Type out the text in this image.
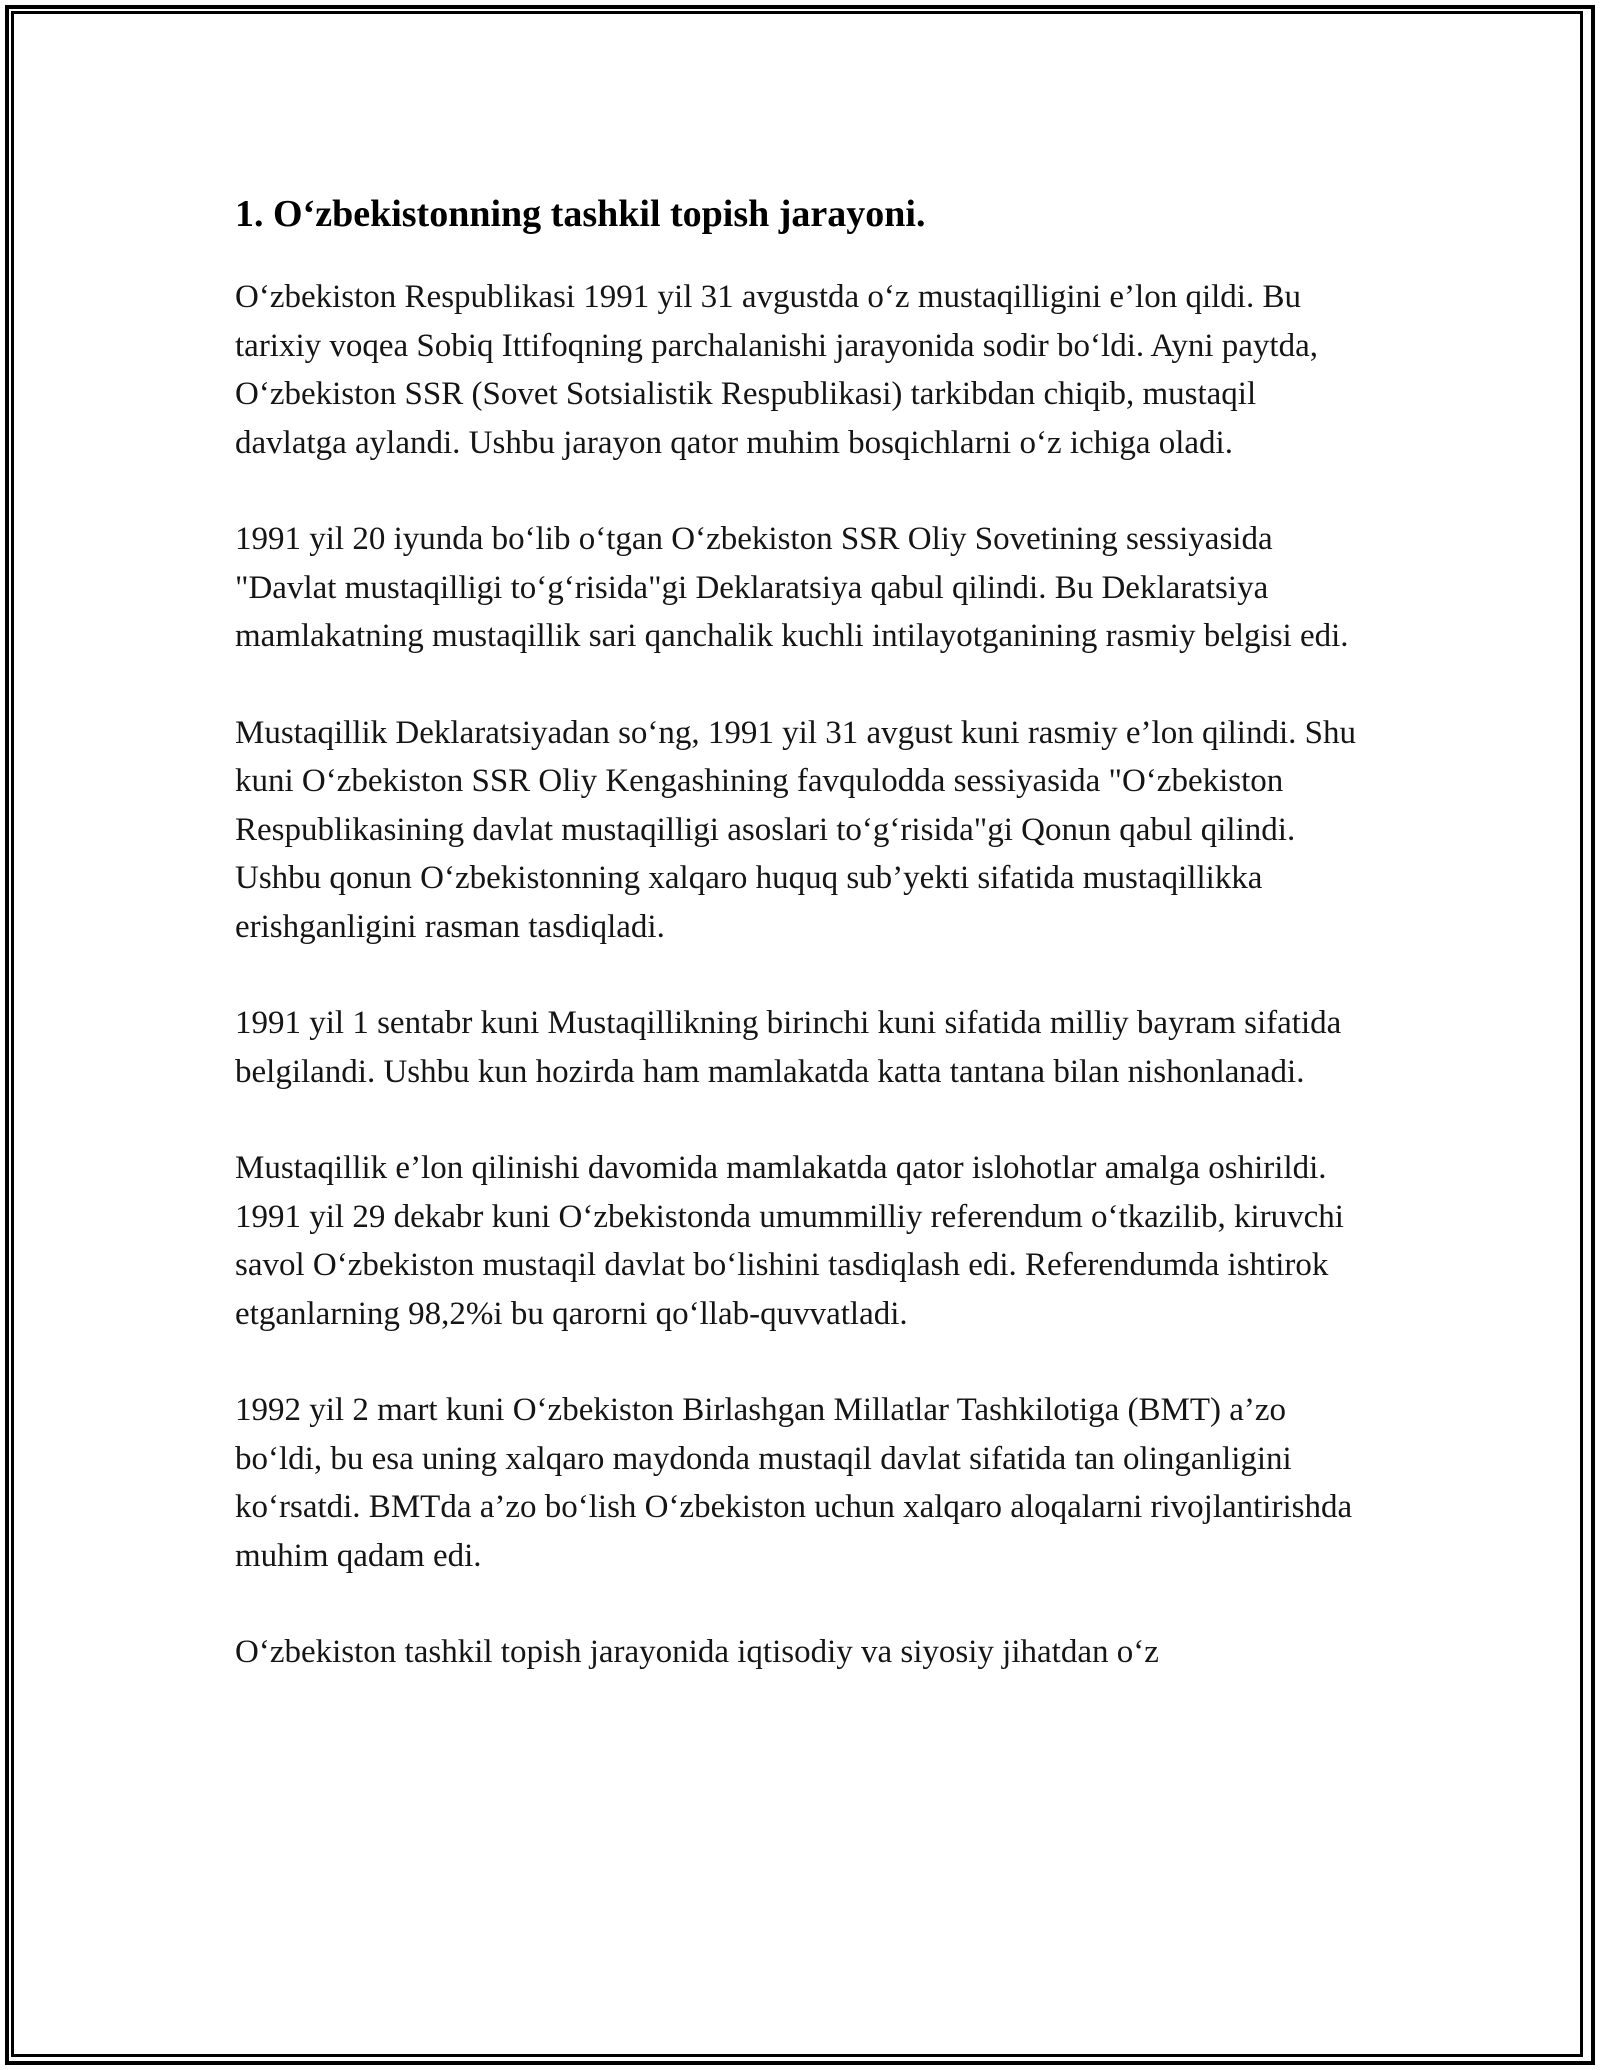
1. O‘zbekistonning tashkil topish jarayoni.

O‘zbekiston Respublikasi 1991 yil 31 avgustda o‘z mustaqilligini e’lon qildi. Bu tarixiy voqea Sobiq Ittifoqning parchalanishi jarayonida sodir bo‘ldi. Ayni paytda, O‘zbekiston SSR (Sovet Sotsialistik Respublikasi) tarkibdan chiqib, mustaqil davlatga aylandi. Ushbu jarayon qator muhim bosqichlarni o‘z ichiga oladi.

1991 yil 20 iyunda bo‘lib o‘tgan O‘zbekiston SSR Oliy Sovetining sessiyasida "Davlat mustaqilligi to‘g‘risida"gi Deklaratsiya qabul qilindi. Bu Deklaratsiya mamlakatning mustaqillik sari qanchalik kuchli intilayotganining rasmiy belgisi edi.

Mustaqillik Deklaratsiyadan so‘ng, 1991 yil 31 avgust kuni rasmiy e’lon qilindi. Shu kuni O‘zbekiston SSR Oliy Kengashining favqulodda sessiyasida "O‘zbekiston Respublikasining davlat mustaqilligi asoslari to‘g‘risida"gi Qonun qabul qilindi. Ushbu qonun O‘zbekistonning xalqaro huquq sub’yekti sifatida mustaqillikka erishganligini rasman tasdiqladi.

1991 yil 1 sentabr kuni Mustaqillikning birinchi kuni sifatida milliy bayram sifatida belgilandi. Ushbu kun hozirda ham mamlakatda katta tantana bilan nishonlanadi.

Mustaqillik e’lon qilinishi davomida mamlakatda qator islohotlar amalga oshirildi. 1991 yil 29 dekabr kuni O‘zbekistonda umummilliy referendum o‘tkazilib, kiruvchi savol O‘zbekiston mustaqil davlat bo‘lishini tasdiqlash edi. Referendumda ishtirok etganlarning 98,2%i bu qarorni qo‘llab-quvvatladi.

1992 yil 2 mart kuni O‘zbekiston Birlashgan Millatlar Tashkilotiga (BMT) a’zo bo‘ldi, bu esa uning xalqaro maydonda mustaqil davlat sifatida tan olinganligini ko‘rsatdi. BMTda a’zo bo‘lish O‘zbekiston uchun xalqaro aloqalarni rivojlantirishda muhim qadam edi.

O‘zbekiston tashkil topish jarayonida iqtisodiy va siyosiy jihatdan o‘z
